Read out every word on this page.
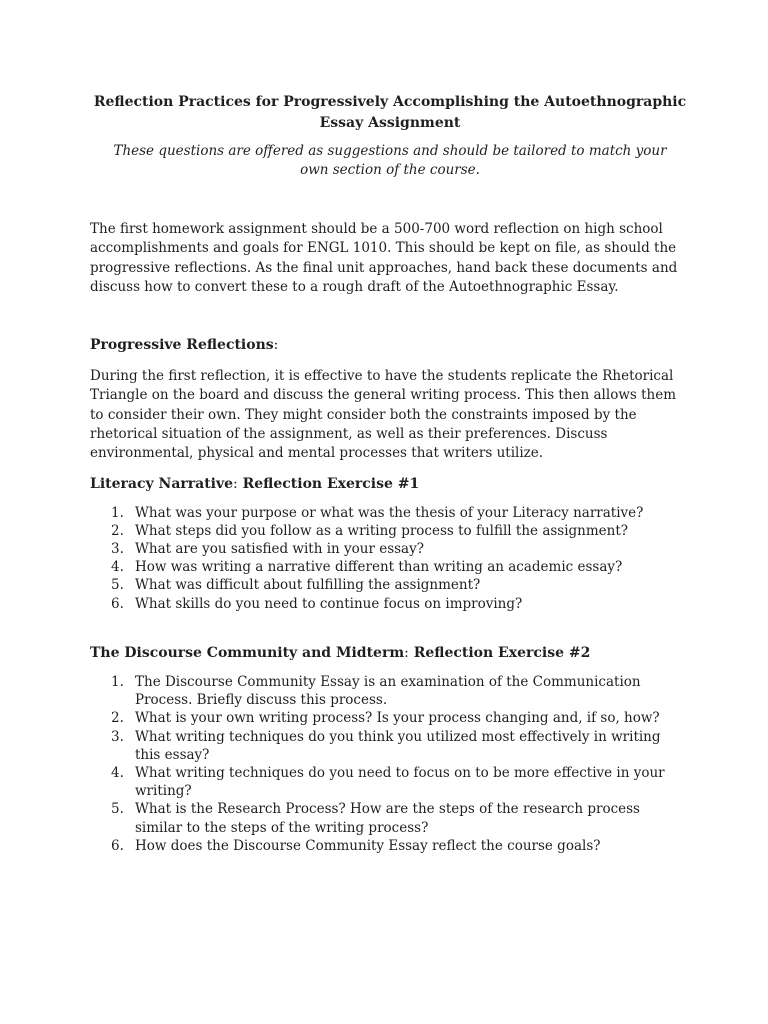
Reflection Practices for Progressively Accomplishing the Autoethnographic Essay Assignment

These questions are offered as suggestions and should be tailored to match your own section of the course.

The first homework assignment should be a 500-700 word reflection on high school accomplishments and goals for ENGL 1010. This should be kept on file, as should the progressive reflections. As the final unit approaches, hand back these documents and discuss how to convert these to a rough draft of the Autoethnographic Essay.

Progressive Reflections:

During the first reflection, it is effective to have the students replicate the Rhetorical Triangle on the board and discuss the general writing process. This then allows them to consider their own. They might consider both the constraints imposed by the rhetorical situation of the assignment, as well as their preferences. Discuss environmental, physical and mental processes that writers utilize.

Literacy Narrative: Reflection Exercise #1
1. What was your purpose or what was the thesis of your Literacy narrative?
2. What steps did you follow as a writing process to fulfill the assignment?
3. What are you satisfied with in your essay?
4. How was writing a narrative different than writing an academic essay?
5. What was difficult about fulfilling the assignment?
6. What skills do you need to continue focus on improving?
The Discourse Community and Midterm: Reflection Exercise #2
1. The Discourse Community Essay is an examination of the Communication Process. Briefly discuss this process.
2. What is your own writing process? Is your process changing and, if so, how?
3. What writing techniques do you think you utilized most effectively in writing this essay?
4. What writing techniques do you need to focus on to be more effective in your writing?
5. What is the Research Process? How are the steps of the research process similar to the steps of the writing process?
6. How does the Discourse Community Essay reflect the course goals?
